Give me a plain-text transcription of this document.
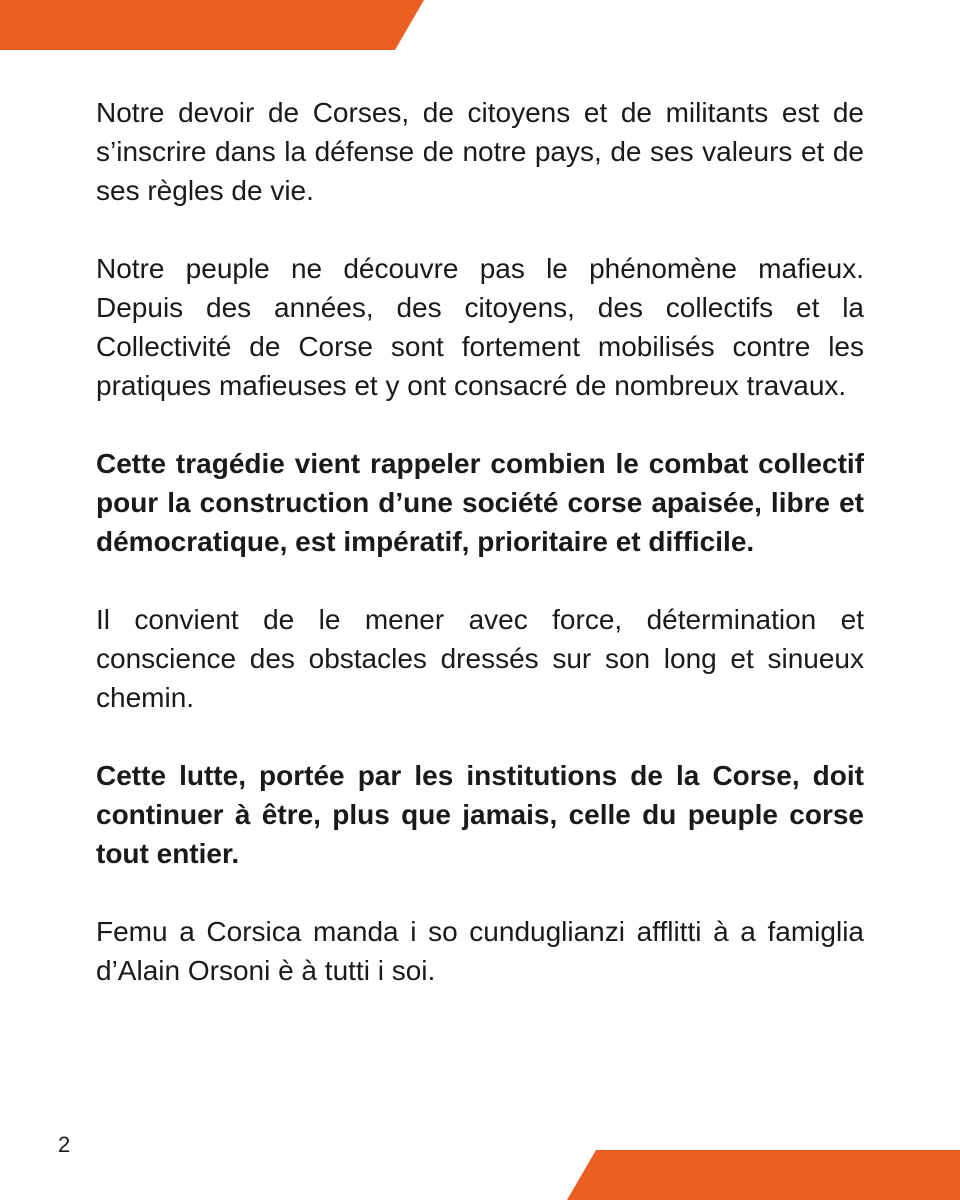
Notre devoir de Corses, de citoyens et de militants est de s’inscrire dans la défense de notre pays, de ses valeurs et de ses règles de vie.

Notre peuple ne découvre pas le phénomène mafieux. Depuis des années, des citoyens, des collectifs et la Collectivité de Corse sont fortement mobilisés contre les pratiques mafieuses et y ont consacré de nombreux travaux.

Cette tragédie vient rappeler combien le combat collectif pour la construction d’une société corse apaisée, libre et démocratique, est impératif, prioritaire et difficile.

Il convient de le mener avec force, détermination et conscience des obstacles dressés sur son long et sinueux chemin.

Cette lutte, portée par les institutions de la Corse, doit continuer à être, plus que jamais, celle du peuple corse tout entier.

Femu a Corsica manda i so cunduglianzi afflitti à a famiglia d’Alain Orsoni è à tutti i soi.

2
